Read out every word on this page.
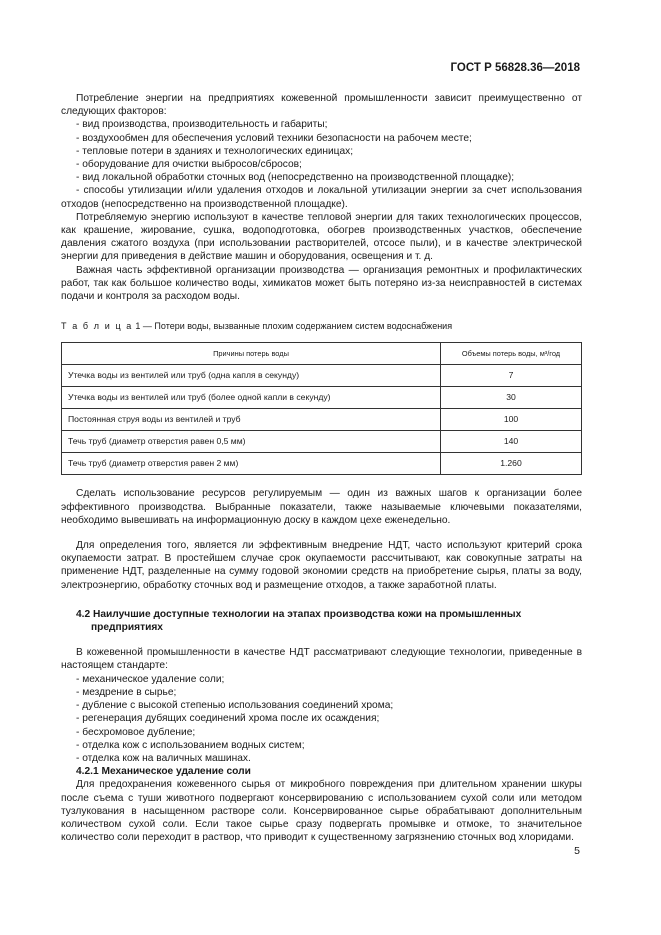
ГОСТ Р 56828.36—2018

Потребление энергии на предприятиях кожевенной промышленности зависит преимущественно от следующих факторов:

- вид производства, производительность и габариты;

- воздухообмен для обеспечения условий техники безопасности на рабочем месте;

- тепловые потери в зданиях и технологических единицах;

- оборудование для очистки выбросов/сбросов;

- вид локальной обработки сточных вод (непосредственно на производственной площадке);

- способы утилизации и/или удаления отходов и локальной утилизации энергии за счет использования отходов (непосредственно на производственной площадке).

Потребляемую энергию используют в качестве тепловой энергии для таких технологических процессов, как крашение, жирование, сушка, водоподготовка, обогрев производственных участков, обеспечение давления сжатого воздуха (при использовании растворителей, отсосе пыли), и в качестве электрической энергии для приведения в действие машин и оборудования, освещения и т. д.

Важная часть эффективной организации производства — организация ремонтных и профилактических работ, так как большое количество воды, химикатов может быть потеряно из-за неисправностей в системах подачи и контроля за расходом воды.

Т а б л и ц а 1 — Потери воды, вызванные плохим содержанием систем водоснабжения
Причины потерь воды	Объемы потерь воды, м³/год
Утечка воды из вентилей или труб (одна капля в секунду)	7
Утечка воды из вентилей или труб (более одной капли в секунду)	30
Постоянная струя воды из вентилей и труб	100
Течь труб (диаметр отверстия равен 0,5 мм)	140
Течь труб (диаметр отверстия равен 2 мм)	1.260

Сделать использование ресурсов регулируемым — один из важных шагов к организации более эффективного производства. Выбранные показатели, также называемые ключевыми показателями, необходимо вывешивать на информационную доску в каждом цехе еженедельно.

Для определения того, является ли эффективным внедрение НДТ, часто используют критерий срока окупаемости затрат. В простейшем случае срок окупаемости рассчитывают, как совокупные затраты на применение НДТ, разделенные на сумму годовой экономии средств на приобретение сырья, платы за воду, электроэнергию, обработку сточных вод и размещение отходов, а также заработной платы.

4.2 Наилучшие доступные технологии на этапах производства кожи на промышленных
предприятиях

В кожевенной промышленности в качестве НДТ рассматривают следующие технологии, приведенные в настоящем стандарте:

- механическое удаление соли;

- мездрение в сырье;

- дубление с высокой степенью использования соединений хрома;

- регенерация дубящих соединений хрома после их осаждения;

- бесхромовое дубление;

- отделка кож с использованием водных систем;

- отделка кож на валичных машинах.

4.2.1 Механическое удаление соли

Для предохранения кожевенного сырья от микробного повреждения при длительном хранении шкуры после съема с туши животного подвергают консервированию с использованием сухой соли или методом тузлукования в насыщенном растворе соли. Консервированное сырье обрабатывают дополнительным количеством сухой соли. Если такое сырье сразу подвергать промывке и отмоке, то значительное количество соли переходит в раствор, что приводит к существенному загрязнению сточных вод хлоридами.

5
